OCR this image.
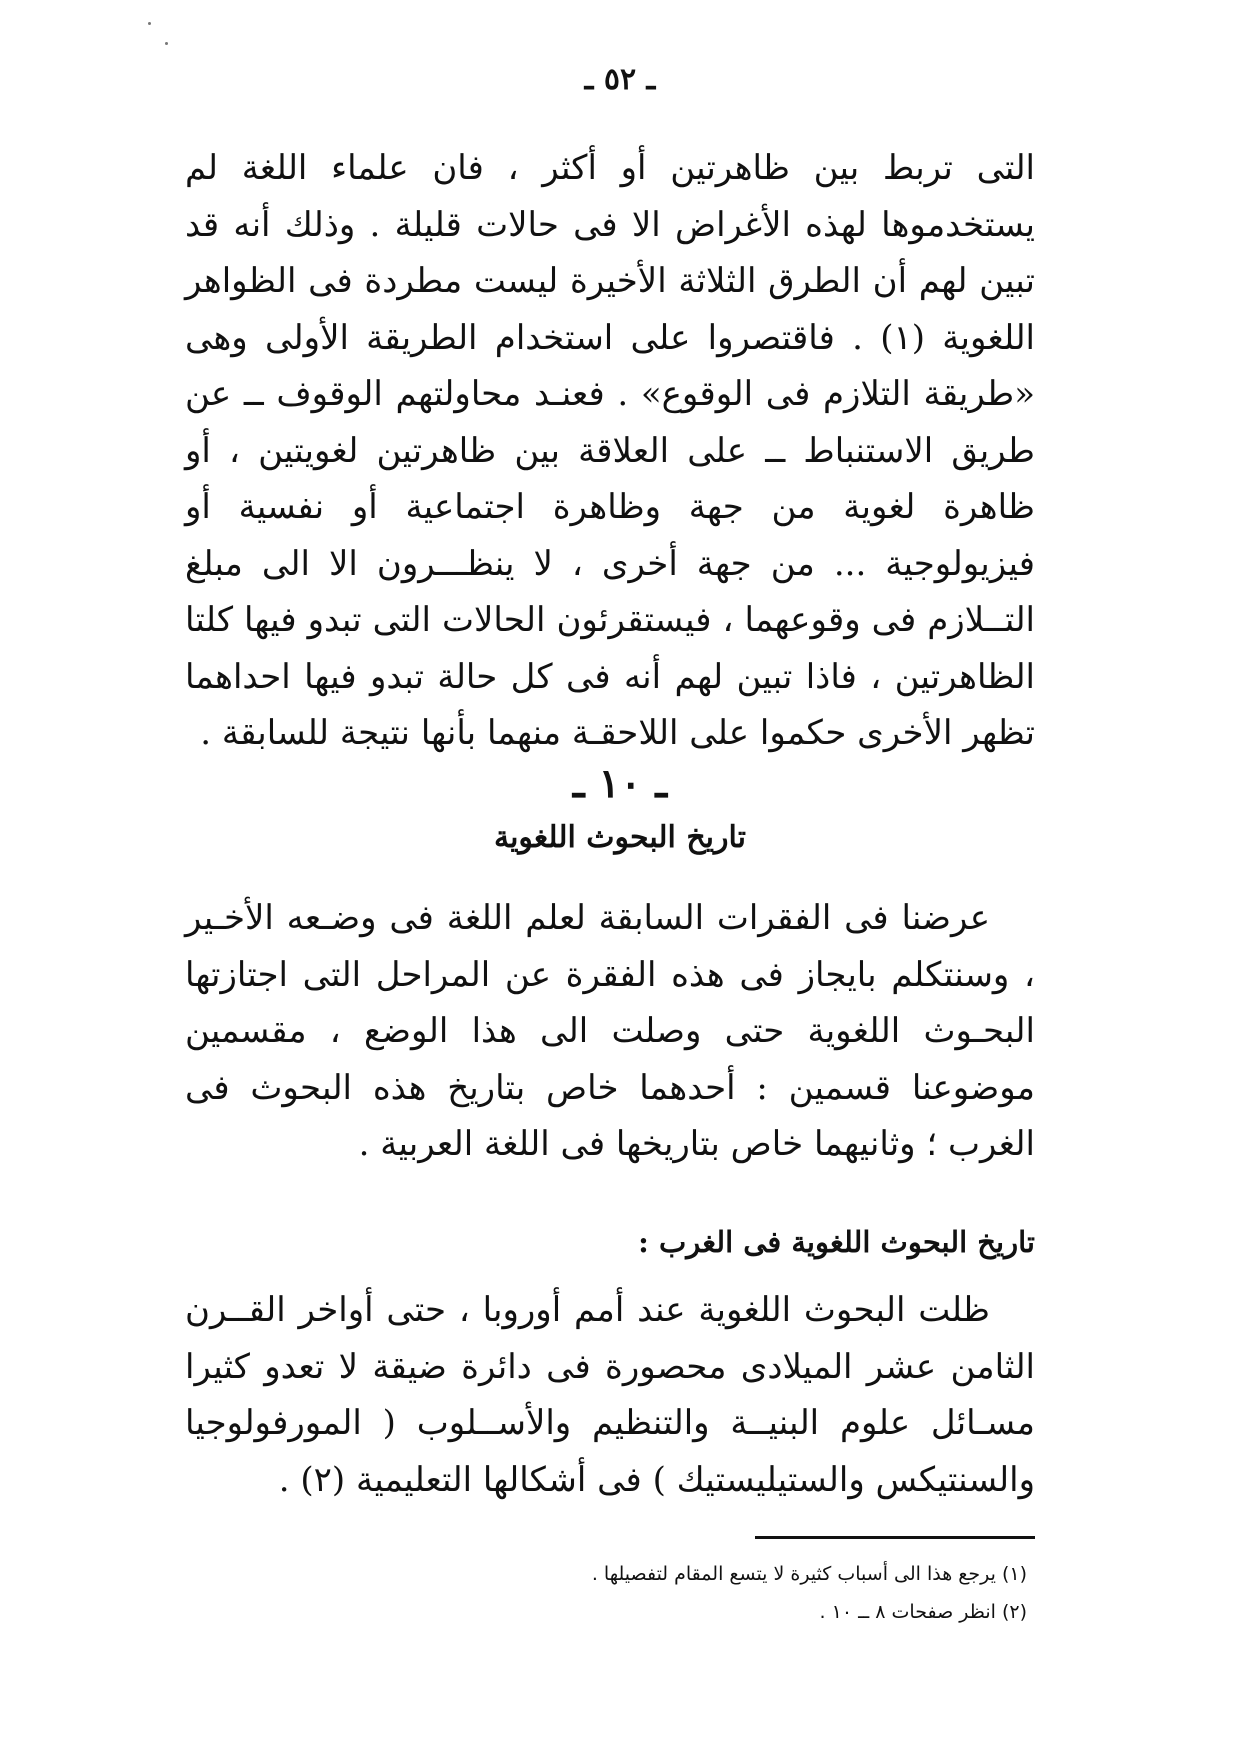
ـ ٥٢ ـ

التى تربط بين ظاهرتين أو أكثر ، فان علماء اللغة لم يستخدموها لهذه الأغراض الا فى حالات قليلة . وذلك أنه قد تبين لهم أن الطرق الثلاثة الأخيرة ليست مطردة فى الظواهر اللغوية (١) . فاقتصروا على استخدام الطريقة الأولى وهى «طريقة التلازم فى الوقوع» . فعنـد محاولتهم الوقوف ــ عن طريق الاستنباط ــ على العلاقة بين ظاهرتين لغويتين ، أو ظاهرة لغوية من جهة وظاهرة اجتماعية أو نفسية أو فيزيولوجية ... من جهة أخرى ، لا ينظـــرون الا الى مبلغ التــلازم فى وقوعهما ، فيستقرئون الحالات التى تبدو فيها كلتا الظاهرتين ، فاذا تبين لهم أنه فى كل حالة تبدو فيها احداهما تظهر الأخرى حكموا على اللاحقـة منهما بأنها نتيجة للسابقة .

ـ ١٠ ـ
تاريخ البحوث اللغوية

عرضنا فى الفقرات السابقة لعلم اللغة فى وضـعه الأخـير ، وسنتكلم بايجاز فى هذه الفقرة عن المراحل التى اجتازتها البحـوث اللغوية حتى وصلت الى هذا الوضع ، مقسمين موضوعنا قسمين : أحدهما خاص بتاريخ هذه البحوث فى الغرب ؛ وثانيهما خاص بتاريخها فى اللغة العربية .

تاريخ البحوث اللغوية فى الغرب :

ظلت البحوث اللغوية عند أمم أوروبا ، حتى أواخر القــرن الثامن عشر الميلادى محصورة فى دائرة ضيقة لا تعدو كثيرا مسـائل علوم البنيــة والتنظيم والأســلوب ( المورفولوجيا والسنتيكس والستيليستيك ) فى أشكالها التعليمية (٢) .

(١) يرجع هذا الى أسباب كثيرة لا يتسع المقام لتفصيلها .

(٢) انظر صفحات ٨ ــ ١٠ .
